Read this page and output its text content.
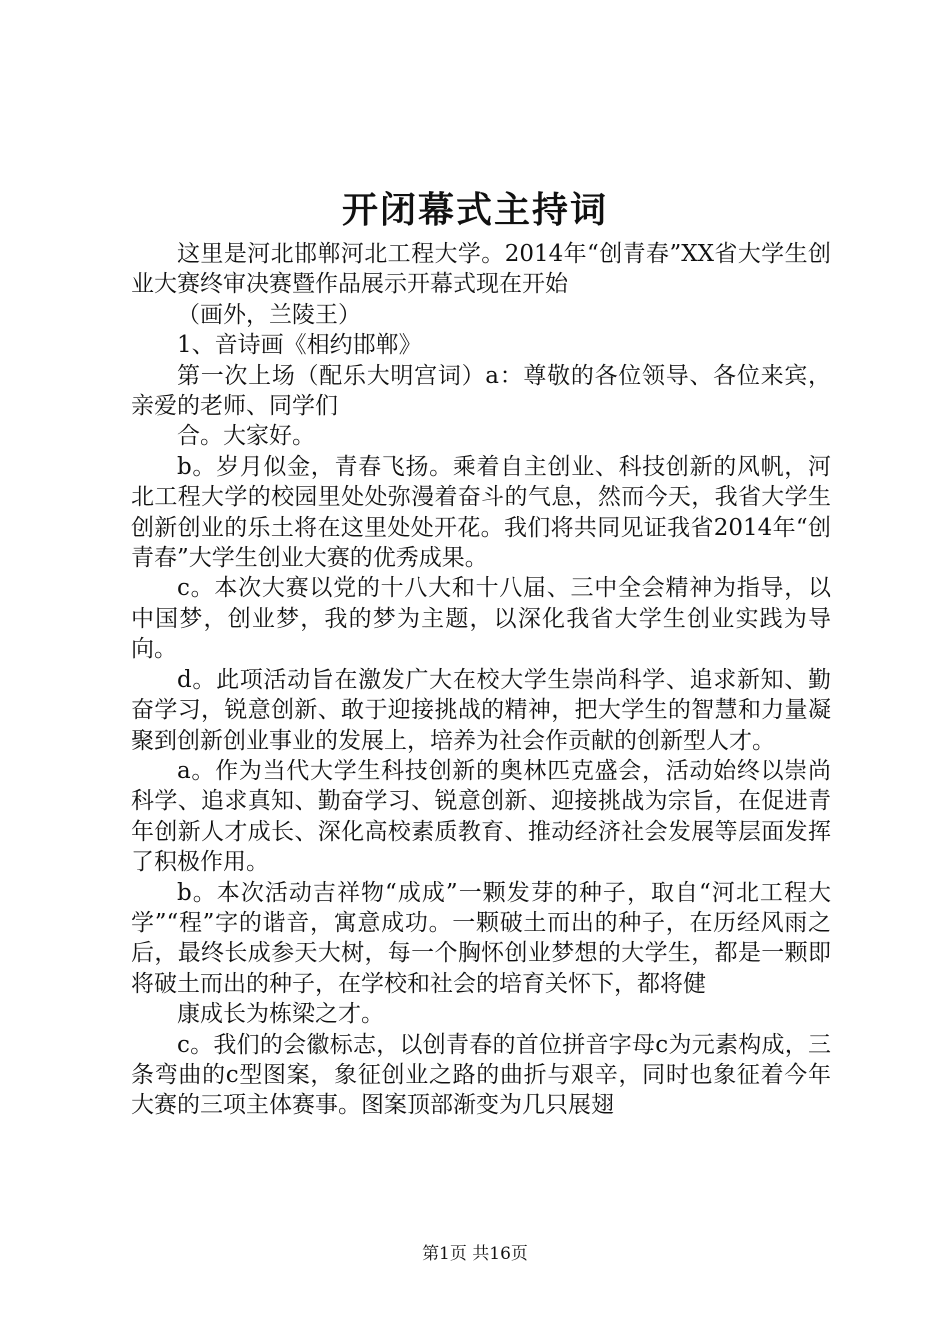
开闭幕式主持词

这里是河北邯郸河北工程大学。2014年“创青春”XX省大学生创业大赛终审决赛暨作品展示开幕式现在开始

（画外，兰陵王）

1、音诗画《相约邯郸》

第一次上场（配乐大明宫词）a：尊敬的各位领导、各位来宾，亲爱的老师、同学们

合。大家好。

b。岁月似金，青春飞扬。乘着自主创业、科技创新的风帆，河北工程大学的校园里处处弥漫着奋斗的气息，然而今天，我省大学生创新创业的乐土将在这里处处开花。我们将共同见证我省2014年“创青春”大学生创业大赛的优秀成果。

c。本次大赛以党的十八大和十八届、三中全会精神为指导，以中国梦，创业梦，我的梦为主题，以深化我省大学生创业实践为导向。

d。此项活动旨在激发广大在校大学生崇尚科学、追求新知、勤奋学习，锐意创新、敢于迎接挑战的精神，把大学生的智慧和力量凝聚到创新创业事业的发展上，培养为社会作贡献的创新型人才。

a。作为当代大学生科技创新的奥林匹克盛会，活动始终以崇尚科学、追求真知、勤奋学习、锐意创新、迎接挑战为宗旨，在促进青年创新人才成长、深化高校素质教育、推动经济社会发展等层面发挥了积极作用。

b。本次活动吉祥物“成成”一颗发芽的种子，取自“河北工程大学”“程”字的谐音，寓意成功。一颗破土而出的种子，在历经风雨之后，最终长成参天大树，每一个胸怀创业梦想的大学生，都是一颗即将破土而出的种子，在学校和社会的培育关怀下，都将健

康成长为栋梁之才。

c。我们的会徽标志，以创青春的首位拼音字母c为元素构成，三条弯曲的c型图案，象征创业之路的曲折与艰辛，同时也象征着今年大赛的三项主体赛事。图案顶部渐变为几只展翅

第1页 共16页
